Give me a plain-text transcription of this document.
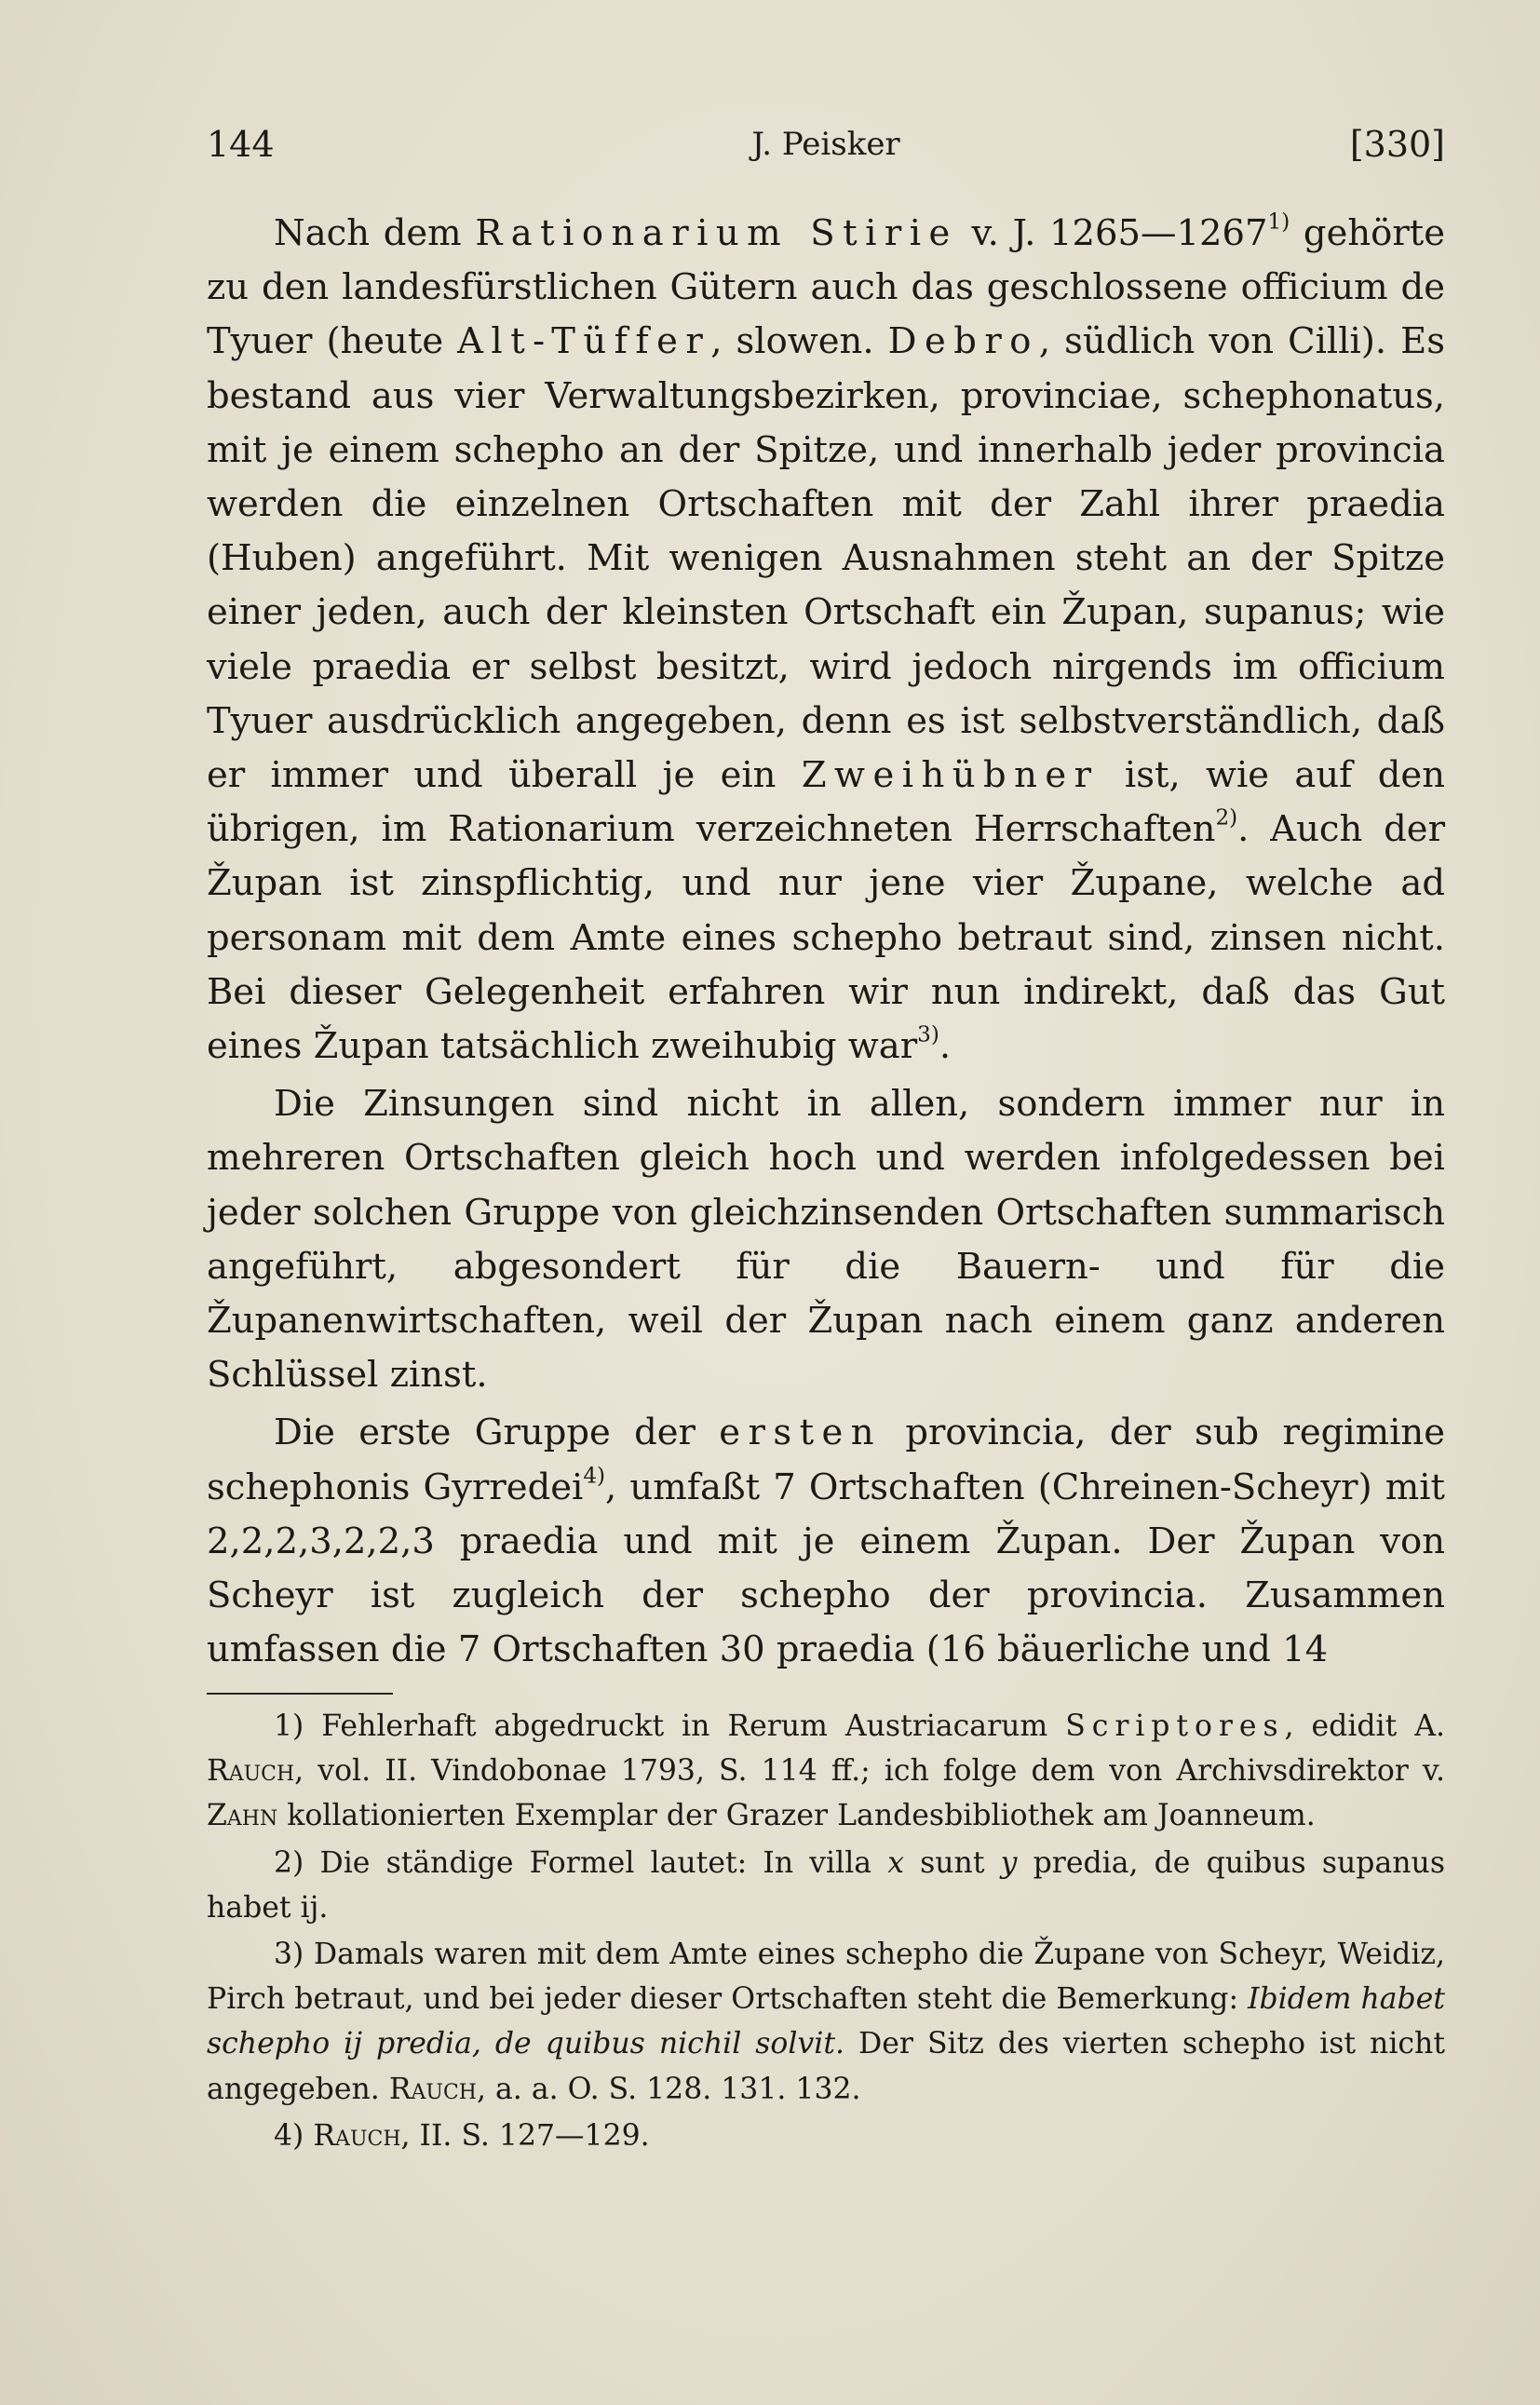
144	J. Peisker	[330]

Nach dem Rationarium Stirie v. J. 1265—1267$^{1)}$ gehörte zu den landesfürstlichen Gütern auch das geschlossene officium de Tyuer (heute Alt-Tüffer, slowen. Debro, südlich von Cilli). Es bestand aus vier Verwaltungsbezirken, provinciae, schephonatus, mit je einem schepho an der Spitze, und innerhalb jeder provincia werden die einzelnen Ortschaften mit der Zahl ihrer praedia (Huben) angeführt. Mit wenigen Ausnahmen steht an der Spitze einer jeden, auch der kleinsten Ortschaft ein Župan, supanus; wie viele praedia er selbst besitzt, wird jedoch nirgends im officium Tyuer ausdrücklich angegeben, denn es ist selbstverständlich, daß er immer und überall je ein Zweihübner ist, wie auf den übrigen, im Rationarium verzeichneten Herrschaften$^{2)}$. Auch der Župan ist zinspflichtig, und nur jene vier Županе, welche ad personam mit dem Amte eines schepho betraut sind, zinsen nicht. Bei dieser Gelegenheit erfahren wir nun indirekt, daß das Gut eines Župan tatsächlich zweihubig war$^{3)}$.

Die Zinsungen sind nicht in allen, sondern immer nur in mehreren Ortschaften gleich hoch und werden infolgedessen bei jeder solchen Gruppe von gleichzinsenden Ortschaften summarisch angeführt, abgesondert für die Bauern- und für die Županenwirtschaften, weil der Župan nach einem ganz anderen Schlüssel zinst.

Die erste Gruppe der ersten provincia, der sub regimine schephonis Gyrredei$^{4)}$, umfaßt 7 Ortschaften (Chreinen-Scheyr) mit 2,2,2,3,2,2,3 praedia und mit je einem Župan. Der Župan von Scheyr ist zugleich der schepho der provincia. Zusammen umfassen die 7 Ortschaften 30 praedia (16 bäuerliche und 14

1) Fehlerhaft abgedruckt in Rerum Austriacarum Scriptores, edidit A. Rauch, vol. II. Vindobonae 1793, S. 114 ff.; ich folge dem von Archivsdirektor v. Zahn kollationierten Exemplar der Grazer Landesbibliothek am Joanneum.

2) Die ständige Formel lautet: In villa x sunt y predia, de quibus supanus habet ij.

3) Damals waren mit dem Amte eines schepho die Županе von Scheyr, Weidiz, Pirch betraut, und bei jeder dieser Ortschaften steht die Bemerkung: Ibidem habet schepho ij predia, de quibus nichil solvit. Der Sitz des vierten schepho ist nicht angegeben. Rauch, a. a. O. S. 128. 131. 132.

4) Rauch, II. S. 127—129.
